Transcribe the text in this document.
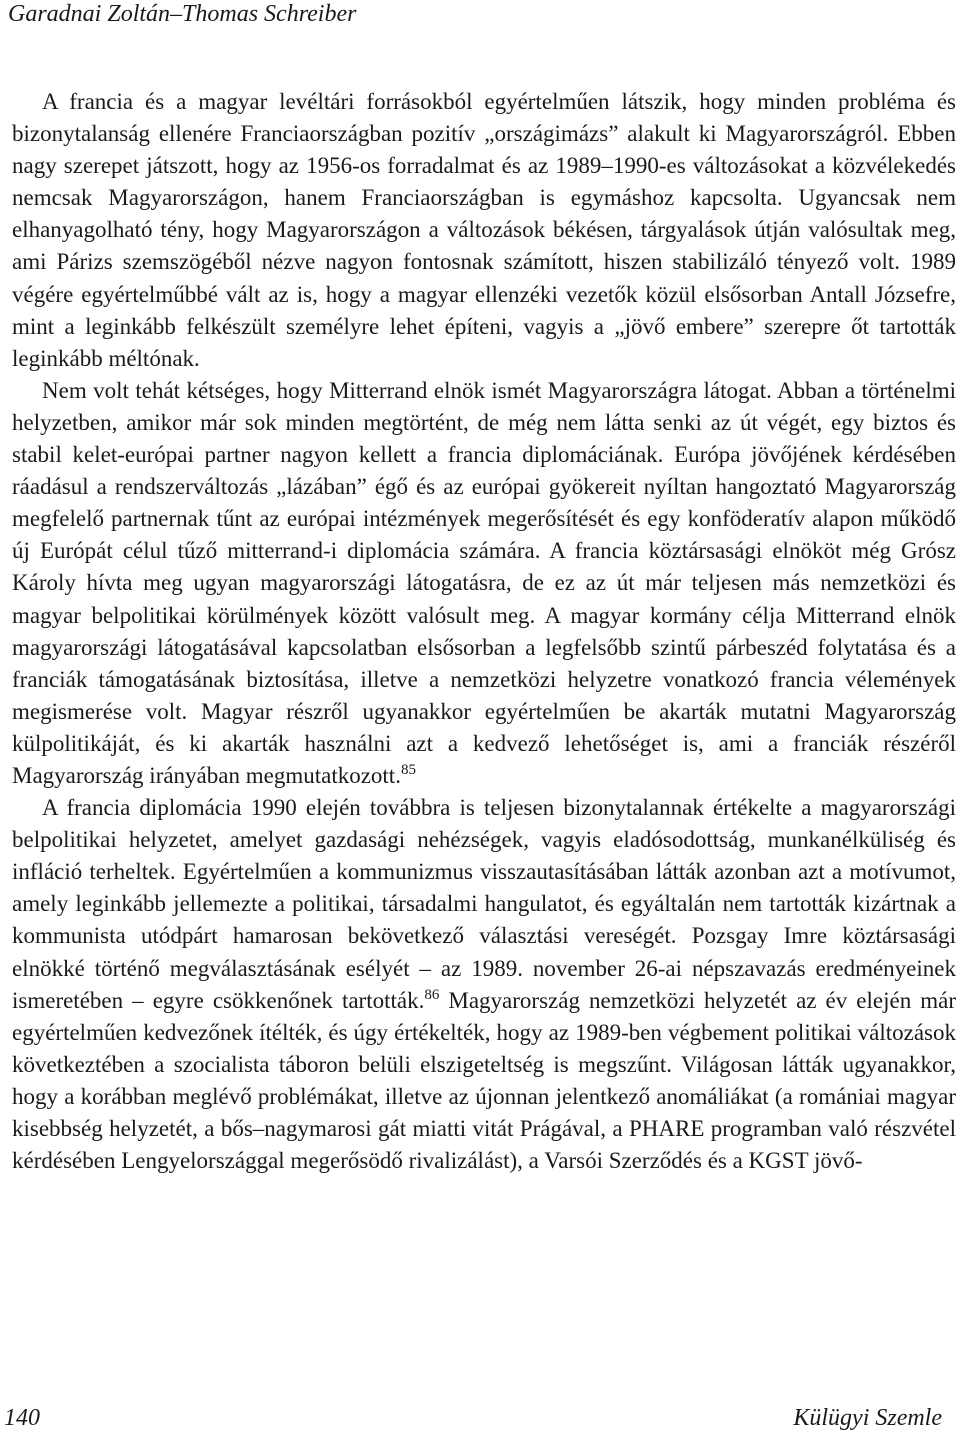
Garadnai Zoltán–Thomas Schreiber

A francia és a magyar levéltári forrásokból egyértelműen látszik, hogy minden probléma és bizonytalanság ellenére Franciaországban pozitív „országimázs” alakult ki Magyarországról. Ebben nagy szerepet játszott, hogy az 1956-os forradalmat és az 1989–1990-es változásokat a közvélekedés nemcsak Magyarországon, hanem Franciaországban is egymáshoz kapcsolta. Ugyancsak nem elhanyagolható tény, hogy Magyarországon a változások békésen, tárgyalások útján valósultak meg, ami Párizs szemszögéből nézve nagyon fontosnak számított, hiszen stabilizáló tényező volt. 1989 végére egyértelműbbé vált az is, hogy a magyar ellenzéki vezetők közül elsősorban Antall Józsefre, mint a leginkább felkészült személyre lehet építeni, vagyis a „jövő embere” szerepre őt tartották leginkább méltónak.

Nem volt tehát kétséges, hogy Mitterrand elnök ismét Magyarországra látogat. Abban a történelmi helyzetben, amikor már sok minden megtörtént, de még nem látta senki az út végét, egy biztos és stabil kelet-európai partner nagyon kellett a francia diplomáciának. Európa jövőjének kérdésében ráadásul a rendszerváltozás „lázában” égő és az európai gyökereit nyíltan hangoztató Magyarország megfelelő partnernak tűnt az európai intézmények megerősítését és egy konföderatív alapon működő új Európát célul tűző mitterrand-i diplomácia számára. A francia köztársasági elnököt még Grósz Károly hívta meg ugyan magyarországi látogatásra, de ez az út már teljesen más nemzetközi és magyar belpolitikai körülmények között valósult meg. A magyar kormány célja Mitterrand elnök magyarországi látogatásával kapcsolatban elsősorban a legfelsőbb szintű párbeszéd folytatása és a franciák támogatásának biztosítása, illetve a nemzetközi helyzetre vonatkozó francia vélemények megismerése volt. Magyar részről ugyanakkor egyértelműen be akarták mutatni Magyarország külpolitikáját, és ki akarták használni azt a kedvező lehetőséget is, ami a franciák részéről Magyarország irányában megmutatkozott.$^{85}$

A francia diplomácia 1990 elején továbbra is teljesen bizonytalannak értékelte a magyarországi belpolitikai helyzetet, amelyet gazdasági nehézségek, vagyis eladósodottság, munkanélküliség és infláció terheltek. Egyértelműen a kommunizmus visszautasításában látták azonban azt a motívumot, amely leginkább jellemezte a politikai, társadalmi hangulatot, és egyáltalán nem tartották kizártnak a kommunista utódpárt hamarosan bekövetkező választási vereségét. Pozsgay Imre köztársasági elnökké történő megválasztásának esélyét – az 1989. november 26-ai népszavazás eredményeinek ismeretében – egyre csökkenőnek tartották.$^{86}$ Magyarország nemzetközi helyzetét az év elején már egyértelműen kedvezőnek ítélték, és úgy értékelték, hogy az 1989-ben végbement politikai változások következtében a szocialista táboron belüli elszigeteltség is megszűnt. Világosan látták ugyanakkor, hogy a korábban meglévő problémákat, illetve az újonnan jelentkező anomáliákat (a romániai magyar kisebbség helyzetét, a bős–nagymarosi gát miatti vitát Prágával, a PHARE programban való részvétel kérdésében Lengyelországgal megerősödő rivalizálást), a Varsói Szerződés és a KGST jövő-

140	Külügyi Szemle
